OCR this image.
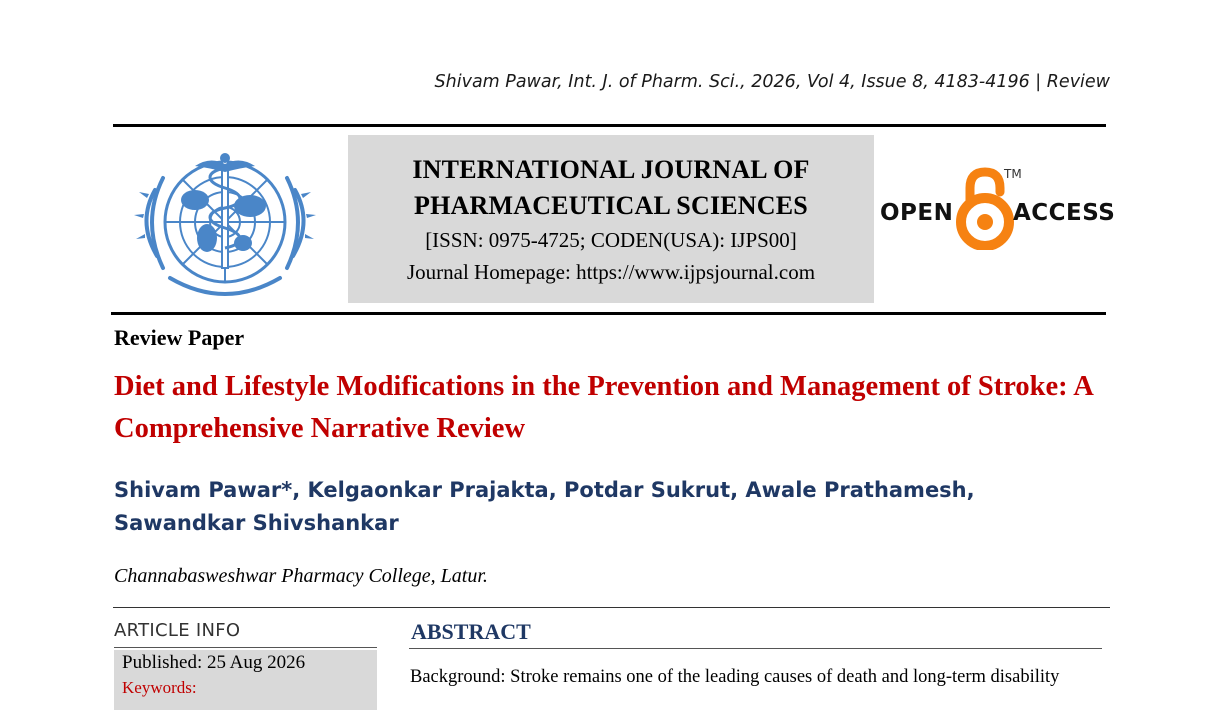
Shivam Pawar, Int. J. of Pharm. Sci., 2026, Vol 4, Issue 8, 4183-4196 | Review
INTERNATIONAL JOURNAL OF
PHARMACEUTICAL SCIENCES
[ISSN: 0975-4725; CODEN(USA): IJPS00]
Journal Homepage: https://www.ijpsjournal.com
OPEN
TM
ACCESS
Review Paper
Diet and Lifestyle Modifications in the Prevention and Management of Stroke: A Comprehensive Narrative Review
Shivam Pawar*, Kelgaonkar Prajakta, Potdar Sukrut, Awale Prathamesh,
Sawandkar Shivshankar
Channabasweshwar Pharmacy College, Latur.
ARTICLE INFO
Published: 25 Aug 2026
Keywords:
ABSTRACT
Background: Stroke remains one of the leading causes of death and long-term disability
